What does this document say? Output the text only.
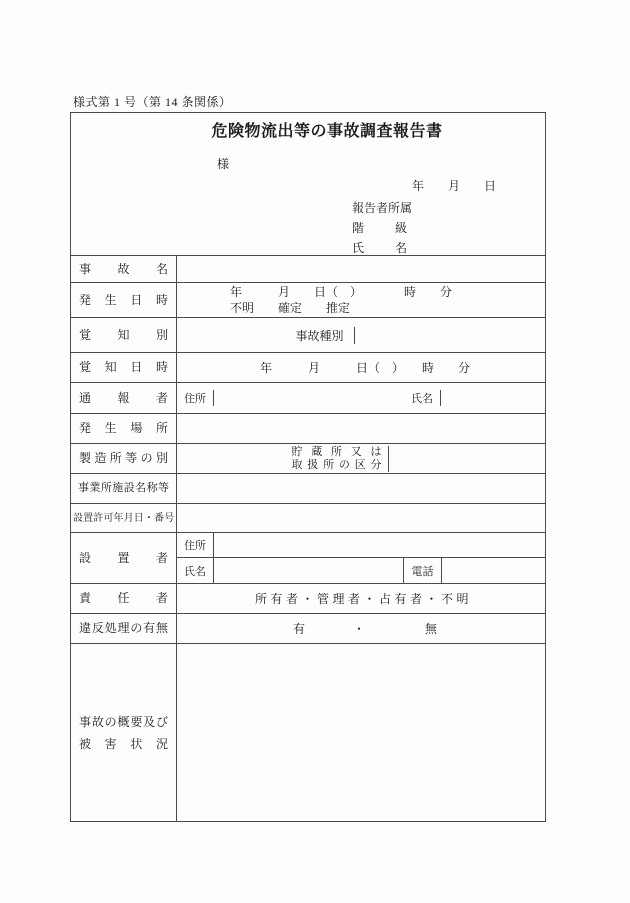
様式第 1 号（第 14 条関係）
危険物流出等の事故調査報告書
様
年　　月　　日
報告者所属
階級
氏名
事故名
発生日時
年　　　月　　日（　）　　　　時　　分
不明　　確定　　推定
覚知別	事故種別
覚知日時	年　　　月　　　日（　）　　時　　分
通報者 住所	氏名
発生場所
製造所等の別	貯蔵所又は
取扱所の区分
事業所施設名称等
設置許可年月日・番号
設置者
住所
氏名	電話
責任者	所有者・管理者・占有者・不明
違反処理の有無	有　　　　・　　　　　無
事故の概要及び
被害状況
